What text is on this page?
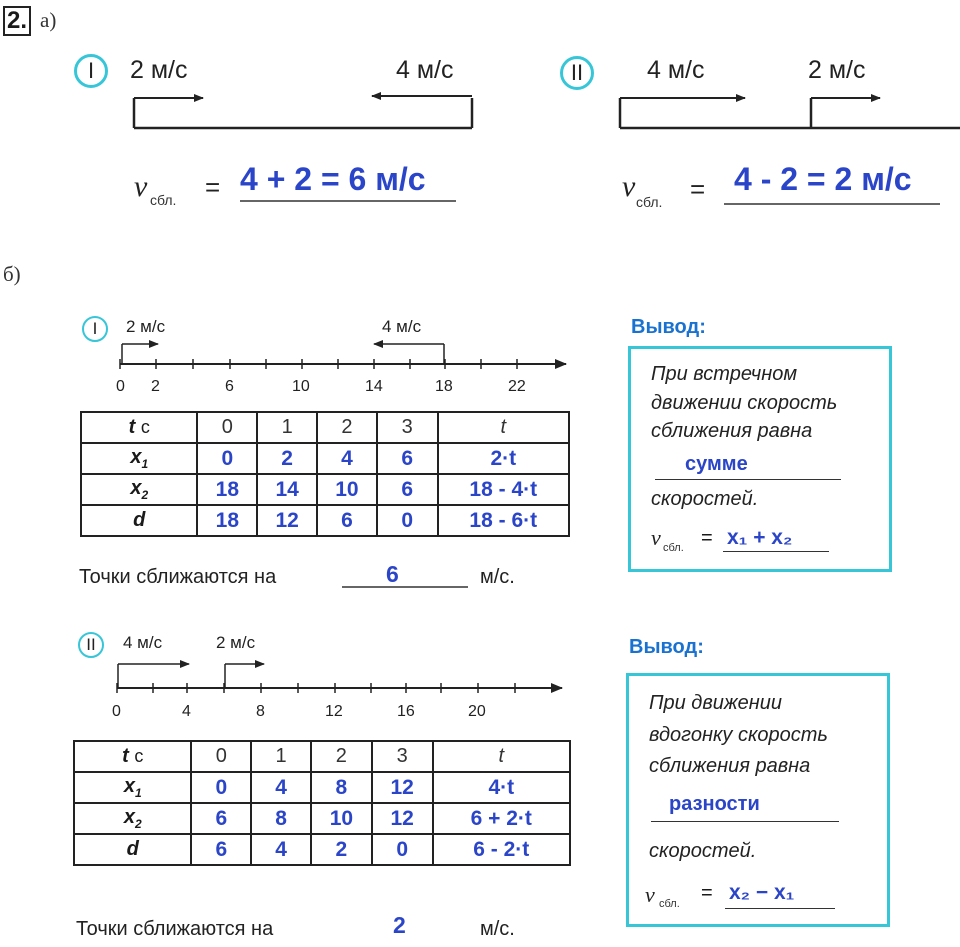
2. а)
I	2 м/с	4 м/с
v сбл. = 4 + 2 = 6 м/с
II	4 м/с	2 м/с
v сбл. = 4 - 2 = 2 м/с
б)
I	2 м/с	4 м/с
0 2	6	10	14	18	22
t с	0	1	2	3	t
$x_1$	0	2	4	6	2·t
$x_2$	18	14	10	6	18 - 4·t
d	18	12	6	0	18 - 6·t
Точки сближаются на	6	м/с.
Вывод:
При встречном
движении скорость
сближения равна
сумме
скоростей.
v сбл. = x₁ + x₂
II	4 м/с	2 м/с
0	4	8	12	16	20
t с	0	1	2	3	t
$x_1$	0	4	8	12	4·t
$x_2$	6	8	10	12	6 + 2·t
d	6	4	2	0	6 - 2·t
Точки сближаются на	2	м/с.
Вывод:
При движении
вдогонку скорость
сближения равна
разности
скоростей.
v сбл. = x₂ − x₁
